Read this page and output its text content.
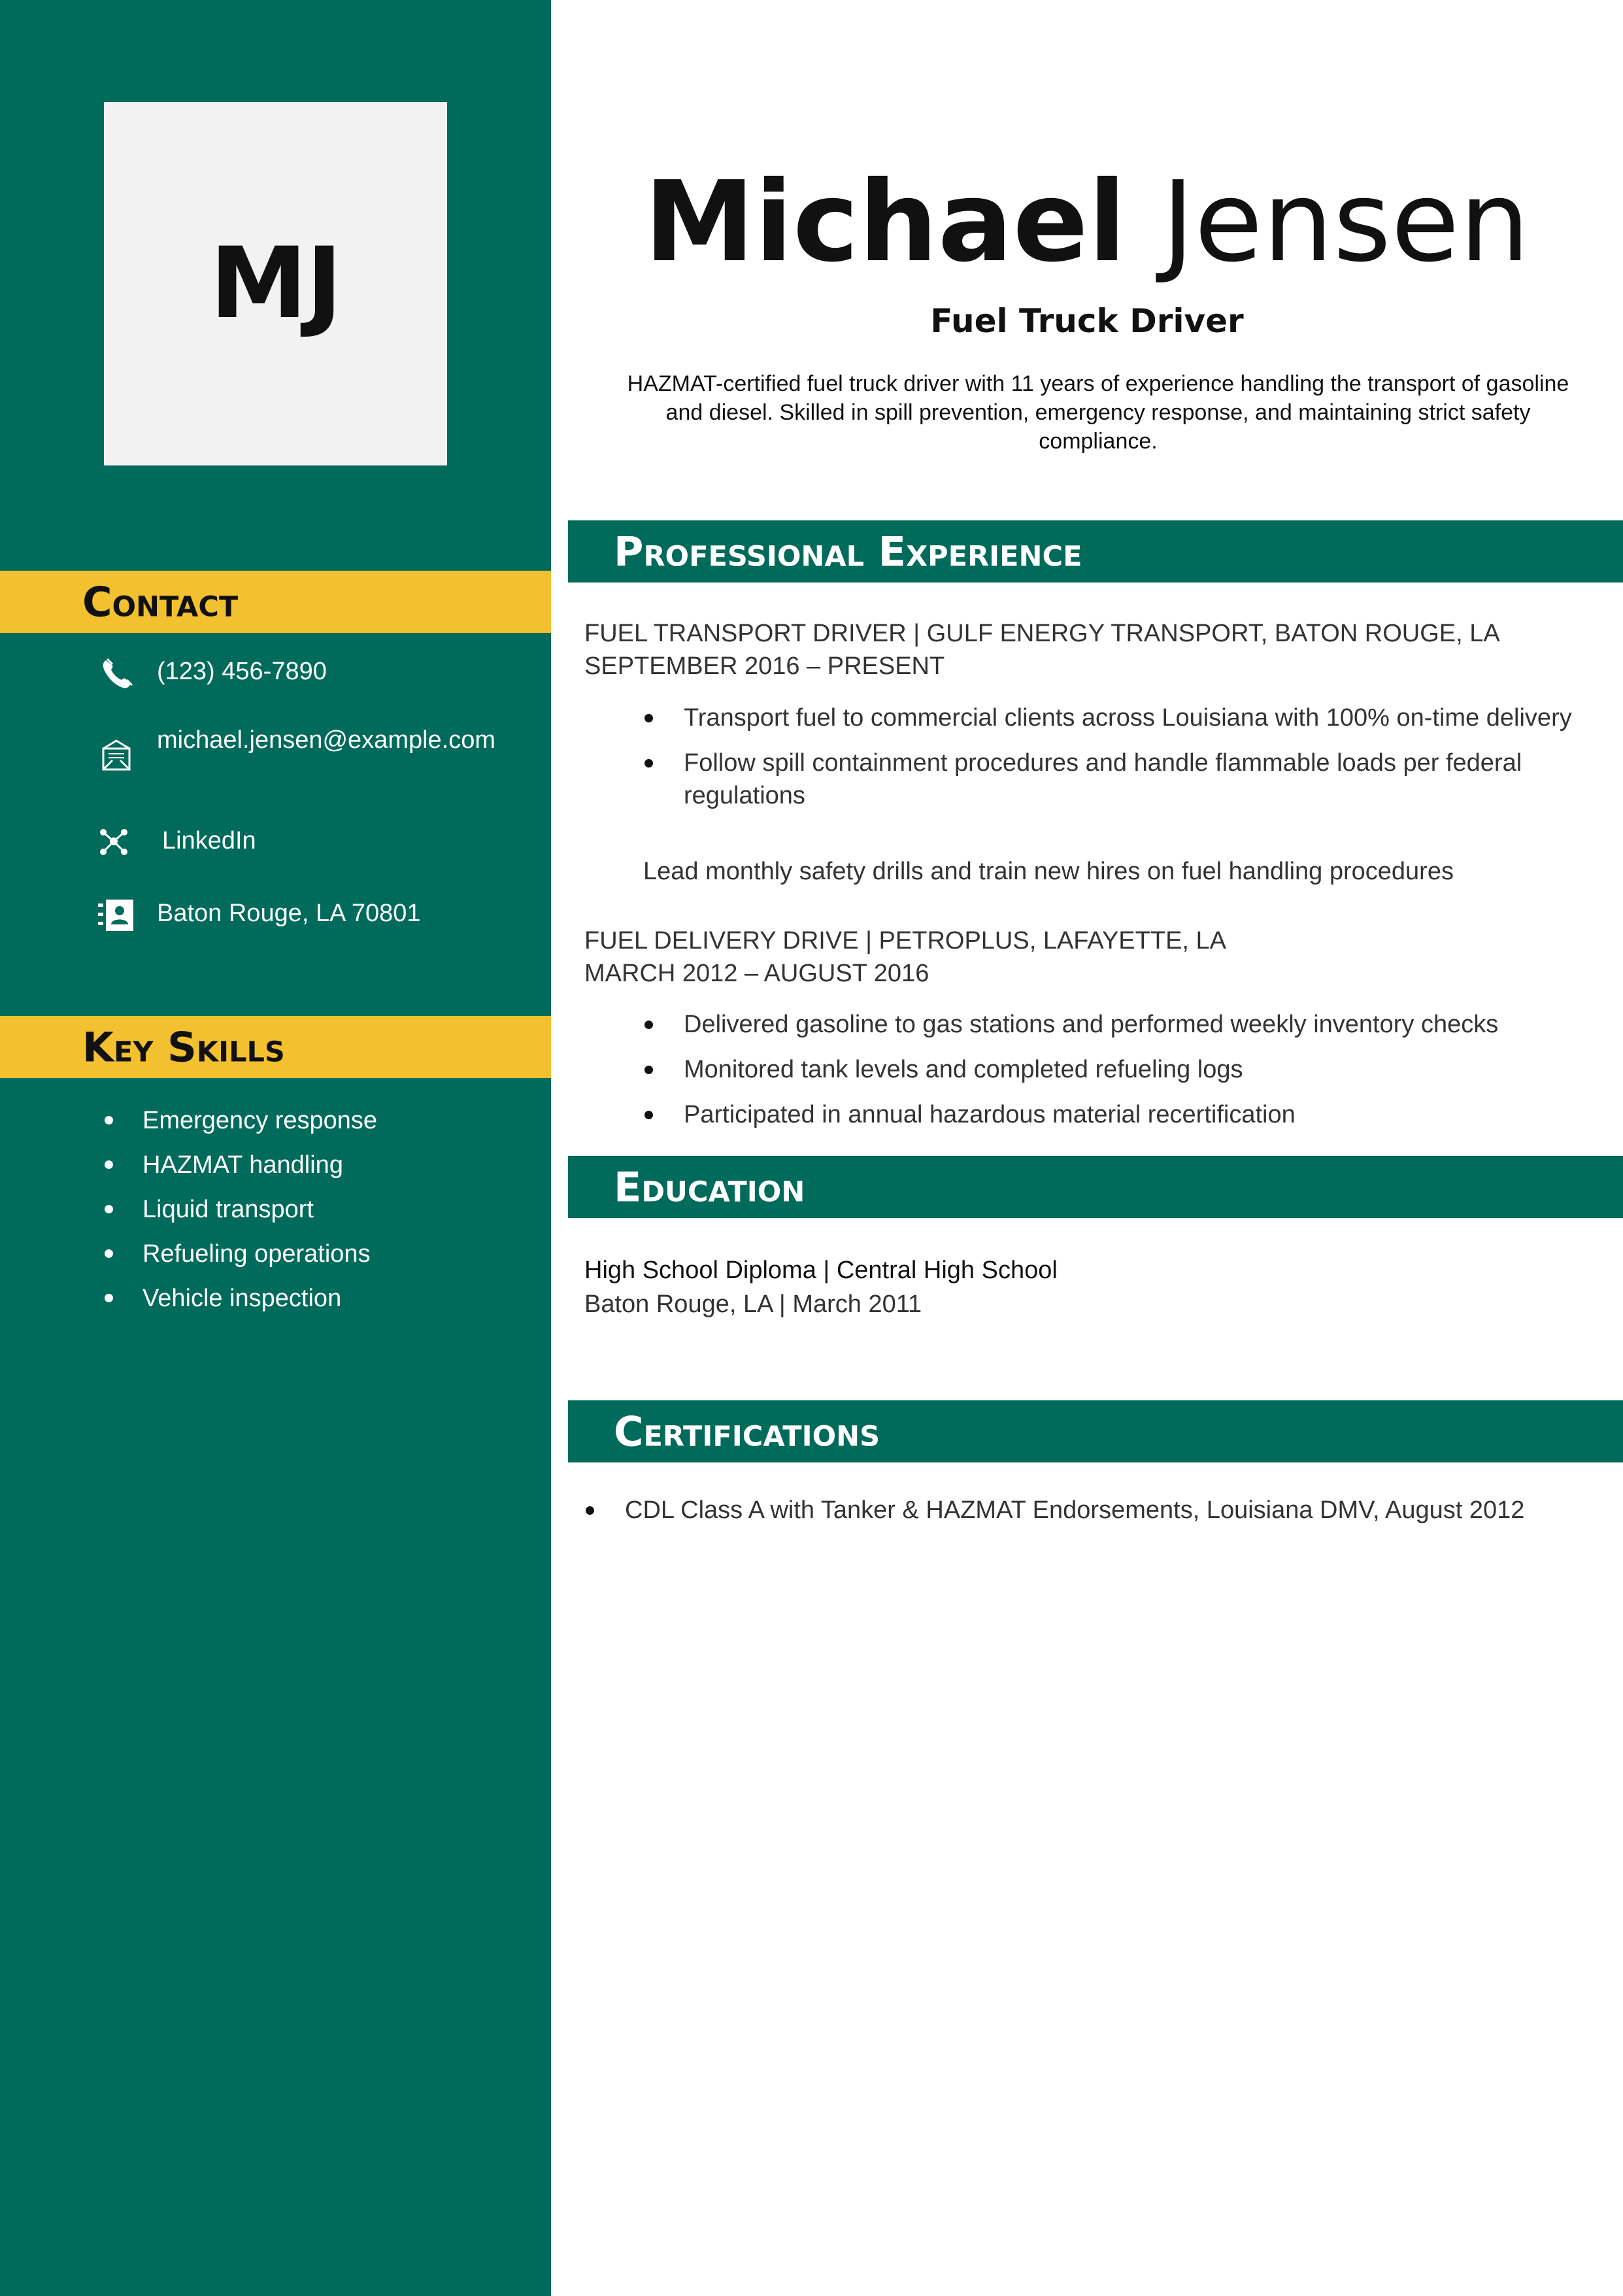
MJ
Contact
(123) 456-7890
michael.jensen@example.com
LinkedIn
Baton Rouge, LA 70801
Key Skills
Emergency response
HAZMAT handling
Liquid transport
Refueling operations
Vehicle inspection
Michael Jensen
Fuel Truck Driver
HAZMAT-certified fuel truck driver with 11 years of experience handling the transport of gasoline and diesel. Skilled in spill prevention, emergency response, and maintaining strict safety compliance.
Professional Experience
FUEL TRANSPORT DRIVER | GULF ENERGY TRANSPORT, BATON ROUGE, LA
SEPTEMBER 2016 – PRESENT
Transport fuel to commercial clients across Louisiana with 100% on-time delivery
Follow spill containment procedures and handle flammable loads per federal regulations
Lead monthly safety drills and train new hires on fuel handling procedures
FUEL DELIVERY DRIVE | PETROPLUS, LAFAYETTE, LA
MARCH 2012 – AUGUST 2016
Delivered gasoline to gas stations and performed weekly inventory checks
Monitored tank levels and completed refueling logs
Participated in annual hazardous material recertification
Education
High School Diploma | Central High School
Baton Rouge, LA | March 2011
Certifications
CDL Class A with Tanker & HAZMAT Endorsements, Louisiana DMV, August 2012
